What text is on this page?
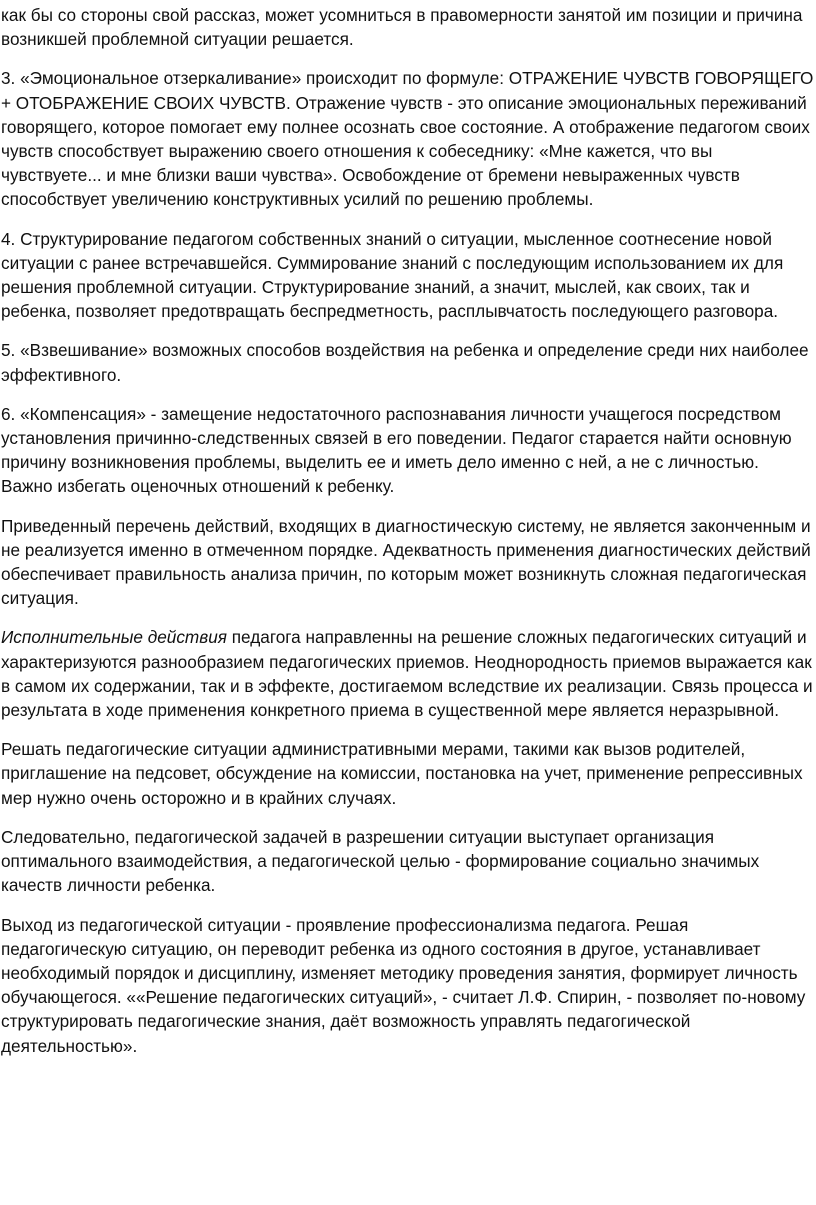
как бы со стороны свой рассказ, может усомниться в правомерности занятой им позиции и причина возникшей проблемной ситуации решается.

3. «Эмоциональное отзеркаливание» происходит по формуле: ОТРАЖЕНИЕ ЧУВСТВ ГОВОРЯЩЕГО + ОТОБРАЖЕНИЕ СВОИХ ЧУВСТВ. Отражение чувств - это описание эмоциональных переживаний говорящего, которое помогает ему полнее осознать свое состояние. А отображение педагогом своих чувств способствует выражению своего отношения к собеседнику: «Мне кажется, что вы чувствуете... и мне близки ваши чувства». Освобождение от бремени невыраженных чувств способствует увеличению конструктивных усилий по решению проблемы.

4. Структурирование педагогом собственных знаний о ситуации, мысленное соотнесение новой ситуации с ранее встречавшейся. Суммирование знаний с последующим использованием их для решения проблемной ситуации. Структурирование знаний, а значит, мыслей, как своих, так и ребенка, позволяет предотвращать беспредметность, расплывчатость последующего разговора.

5. «Взвешивание» возможных способов воздействия на ребенка и определение среди них наиболее эффективного.

6. «Компенсация» - замещение недостаточного распознавания личности учащегося посредством установления причинно-следственных связей в его поведении. Педагог старается найти основную причину возникновения проблемы, выделить ее и иметь дело именно с ней, а не с личностью. Важно избегать оценочных отношений к ребенку.

Приведенный перечень действий, входящих в диагностическую систему, не является законченным и не реализуется именно в отмеченном порядке. Адекватность применения диагностических действий обеспечивает правильность анализа причин, по которым может возникнуть сложная педагогическая ситуация.

Исполнительные действия педагога направленны на решение сложных педагогических ситуаций и характеризуются разнообразием педагогических приемов. Неоднородность приемов выражается как в самом их содержании, так и в эффекте, достигаемом вследствие их реализации. Связь процесса и результата в ходе применения конкретного приема в существенной мере является неразрывной.

Решать педагогические ситуации административными мерами, такими как вызов родителей, приглашение на педсовет, обсуждение на комиссии, постановка на учет, применение репрессивных мер нужно очень осторожно и в крайних случаях.

Следовательно, педагогической задачей в разрешении ситуации выступает организация оптимального взаимодействия, а педагогической целью - формирование социально значимых качеств личности ребенка.

Выход из педагогической ситуации - проявление профессионализма педагога. Решая педагогическую ситуацию, он переводит ребенка из одного состояния в другое, устанавливает необходимый порядок и дисциплину, изменяет методику проведения занятия, формирует личность обучающегося. ««Решение педагогических ситуаций», - считает Л.Ф. Спирин, - позволяет по-новому структурировать педагогические знания, даёт возможность управлять педагогической деятельностью».
